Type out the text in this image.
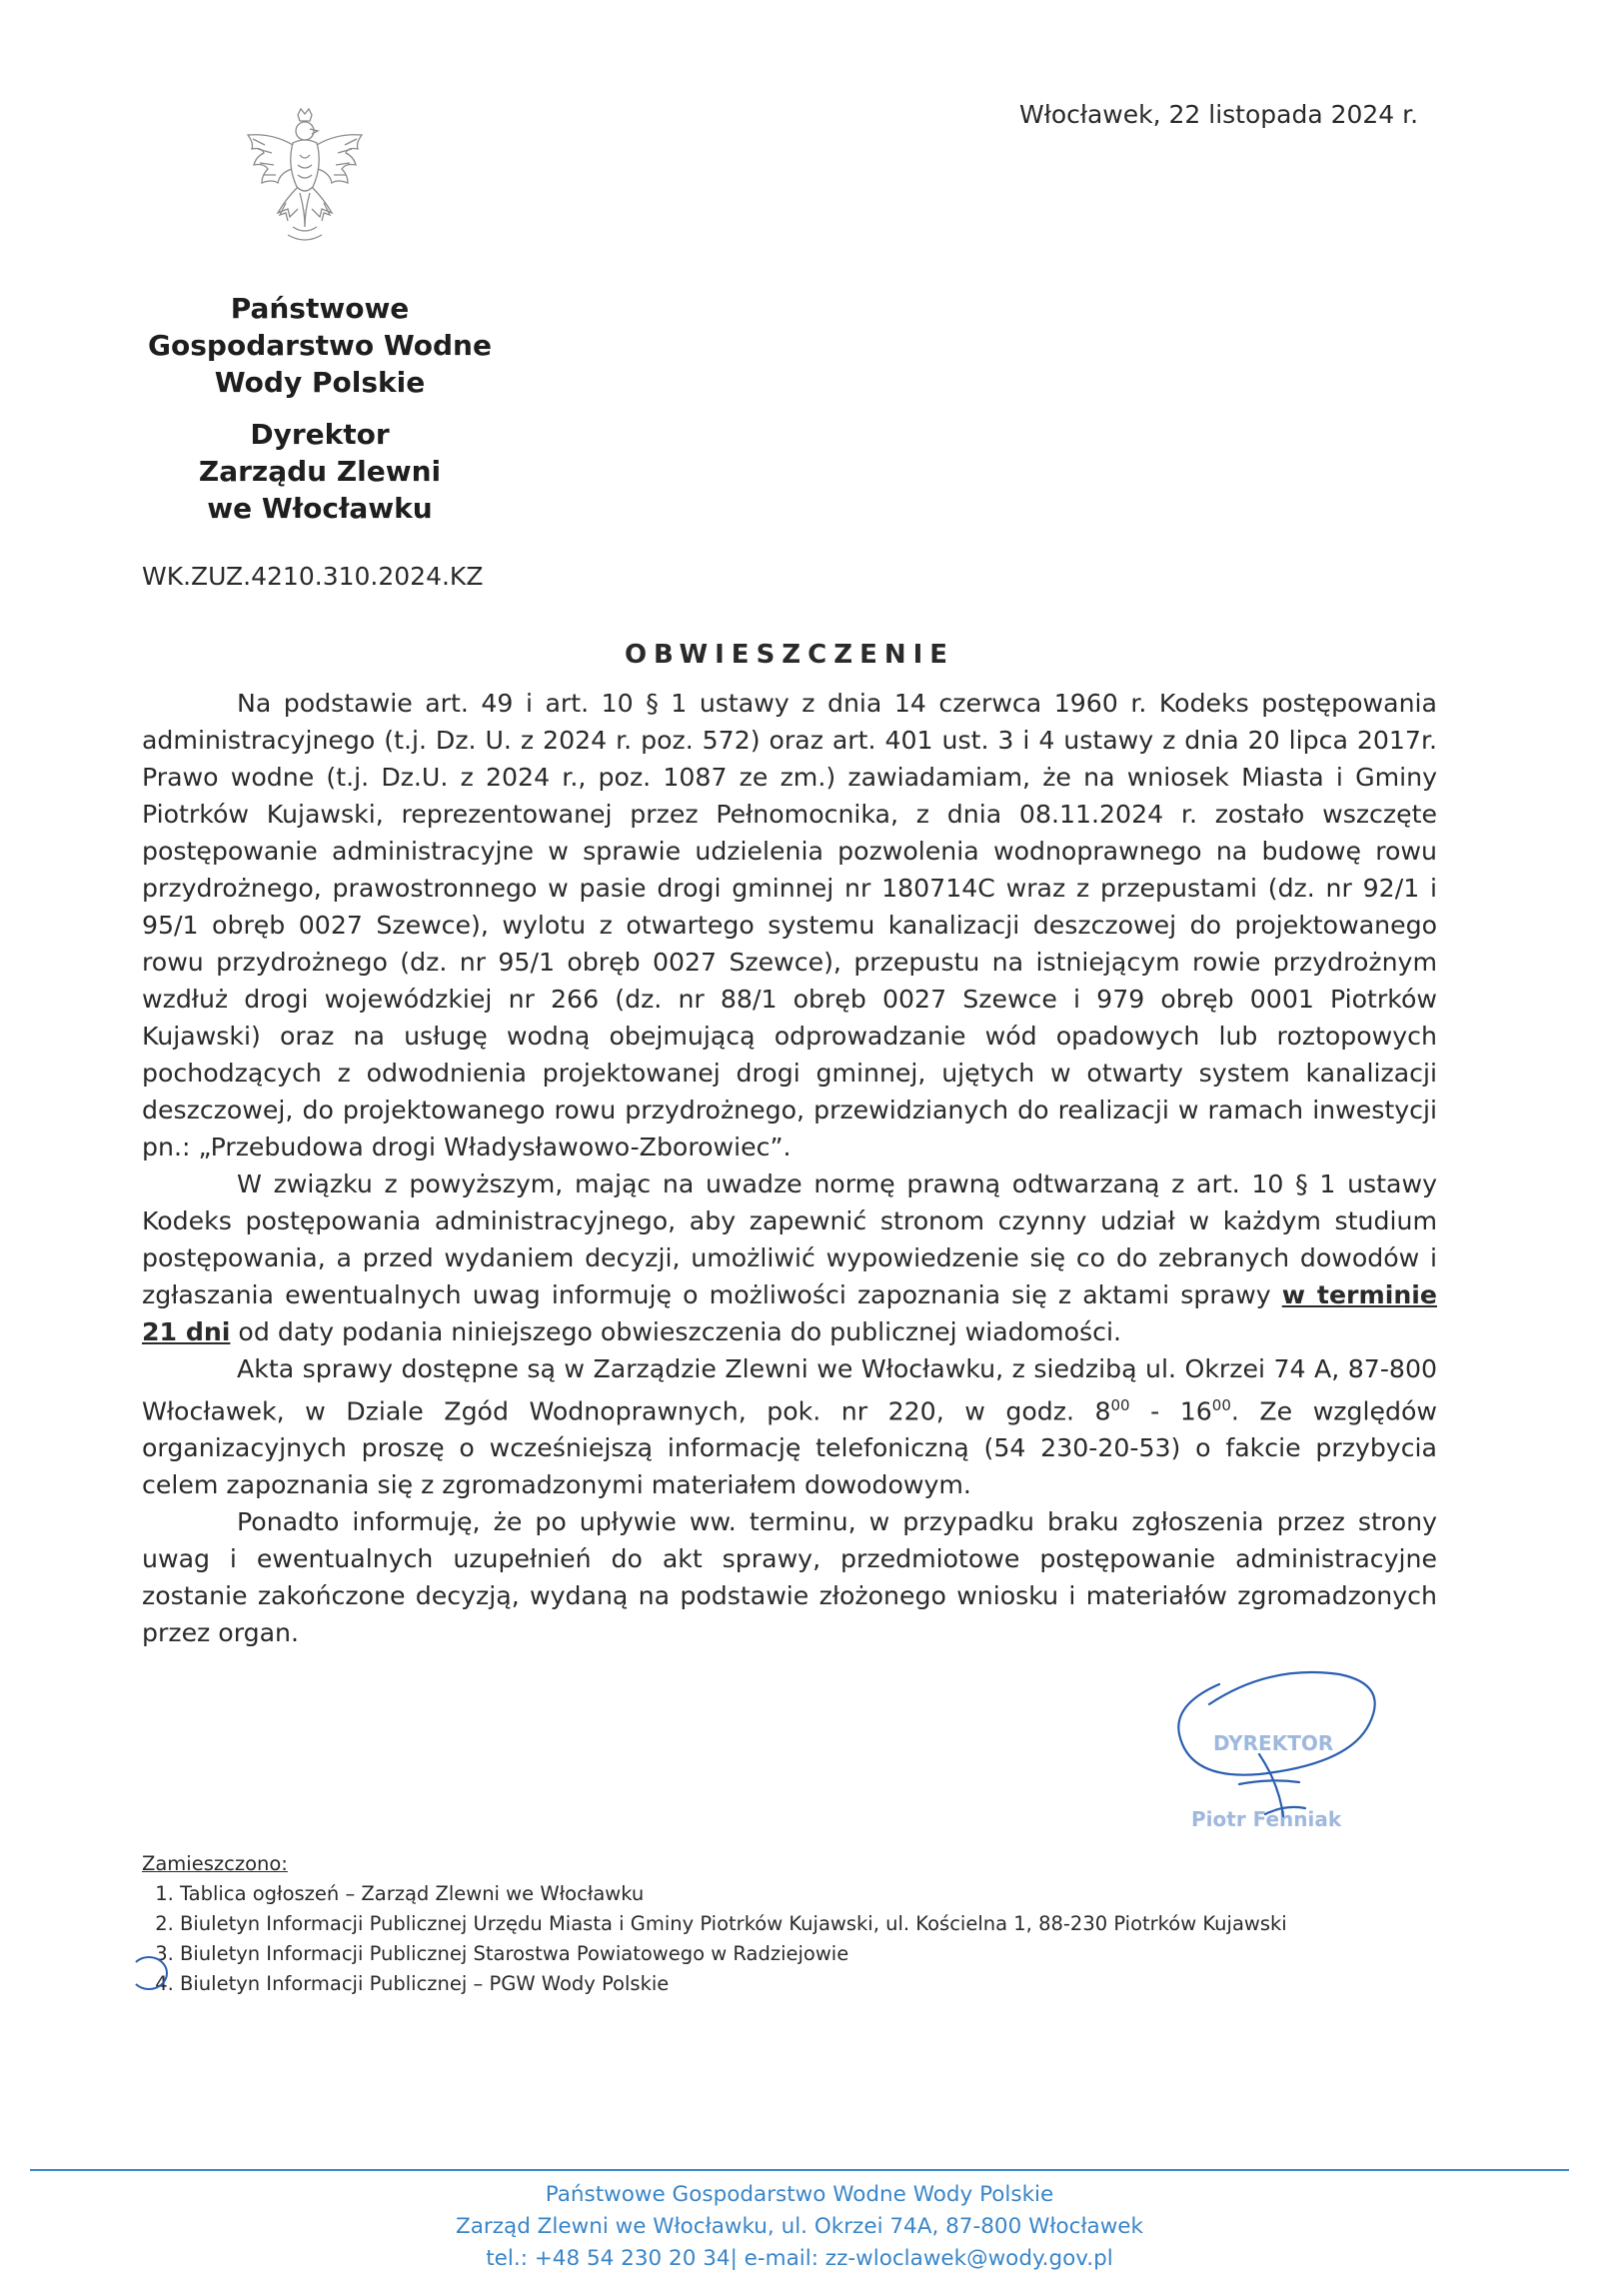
Włocławek, 22 listopada 2024 r.
Państwowe
Gospodarstwo Wodne
Wody Polskie
Dyrektor
Zarządu Zlewni
we Włocławku
WK.ZUZ.4210.310.2024.KZ
OBWIESZCZENIE

Na podstawie art. 49 i art. 10 § 1 ustawy z dnia 14 czerwca 1960 r. Kodeks postępowania administracyjnego (t.j. Dz. U. z 2024 r. poz. 572) oraz art. 401 ust. 3 i 4 ustawy z dnia 20 lipca 2017r. Prawo wodne (t.j. Dz.U. z 2024 r., poz. 1087 ze zm.) zawiadamiam, że na wniosek Miasta i Gminy Piotrków Kujawski, reprezentowanej przez Pełnomocnika, z dnia 08.11.2024 r. zostało wszczęte postępowanie administracyjne w sprawie udzielenia pozwolenia wodnoprawnego na budowę rowu przydrożnego, prawostronnego w pasie drogi gminnej nr 180714C wraz z przepustami (dz. nr 92/1 i 95/1 obręb 0027 Szewce), wylotu z otwartego systemu kanalizacji deszczowej do projektowanego rowu przydrożnego (dz. nr 95/1 obręb 0027 Szewce), przepustu na istniejącym rowie przydrożnym wzdłuż drogi wojewódzkiej nr 266 (dz. nr 88/1 obręb 0027 Szewce i 979 obręb 0001 Piotrków Kujawski) oraz na usługę wodną obejmującą odprowadzanie wód opadowych lub roztopowych pochodzących z odwodnienia projektowanej drogi gminnej, ujętych w otwarty system kanalizacji deszczowej, do projektowanego rowu przydrożnego, przewidzianych do realizacji w ramach inwestycji pn.: „Przebudowa drogi Władysławowo-Zborowiec”.

W związku z powyższym, mając na uwadze normę prawną odtwarzaną z art. 10 § 1 ustawy Kodeks postępowania administracyjnego, aby zapewnić stronom czynny udział w każdym studium postępowania, a przed wydaniem decyzji, umożliwić wypowiedzenie się co do zebranych dowodów i zgłaszania ewentualnych uwag informuję o możliwości zapoznania się z aktami sprawy w terminie 21 dni od daty podania niniejszego obwieszczenia do publicznej wiadomości.

Akta sprawy dostępne są w Zarządzie Zlewni we Włocławku, z siedzibą ul. Okrzei 74 A, 87-800 Włocławek, w Dziale Zgód Wodnoprawnych, pok. nr 220, w godz. $8^{00} - 16^{00}$. Ze względów organizacyjnych proszę o wcześniejszą informację telefoniczną (54 230-20-53) o fakcie przybycia celem zapoznania się z zgromadzonymi materiałem dowodowym.

Ponadto informuję, że po upływie ww. terminu, w przypadku braku zgłoszenia przez strony uwag i ewentualnych uzupełnień do akt sprawy, przedmiotowe postępowanie administracyjne zostanie zakończone decyzją, wydaną na podstawie złożonego wniosku i materiałów zgromadzonych przez organ.

DYREKTOR
Piotr Fehniak
Zamieszczono:
1. Tablica ogłoszeń – Zarząd Zlewni we Włocławku
2. Biuletyn Informacji Publicznej Urzędu Miasta i Gminy Piotrków Kujawski, ul. Kościelna 1, 88-230 Piotrków Kujawski
3. Biuletyn Informacji Publicznej Starostwa Powiatowego w Radziejowie
4. Biuletyn Informacji Publicznej – PGW Wody Polskie
Państwowe Gospodarstwo Wodne Wody Polskie
Zarząd Zlewni we Włocławku, ul. Okrzei 74A, 87-800 Włocławek
tel.: +48 54 230 20 34| e-mail: zz-wloclawek@wody.gov.pl
